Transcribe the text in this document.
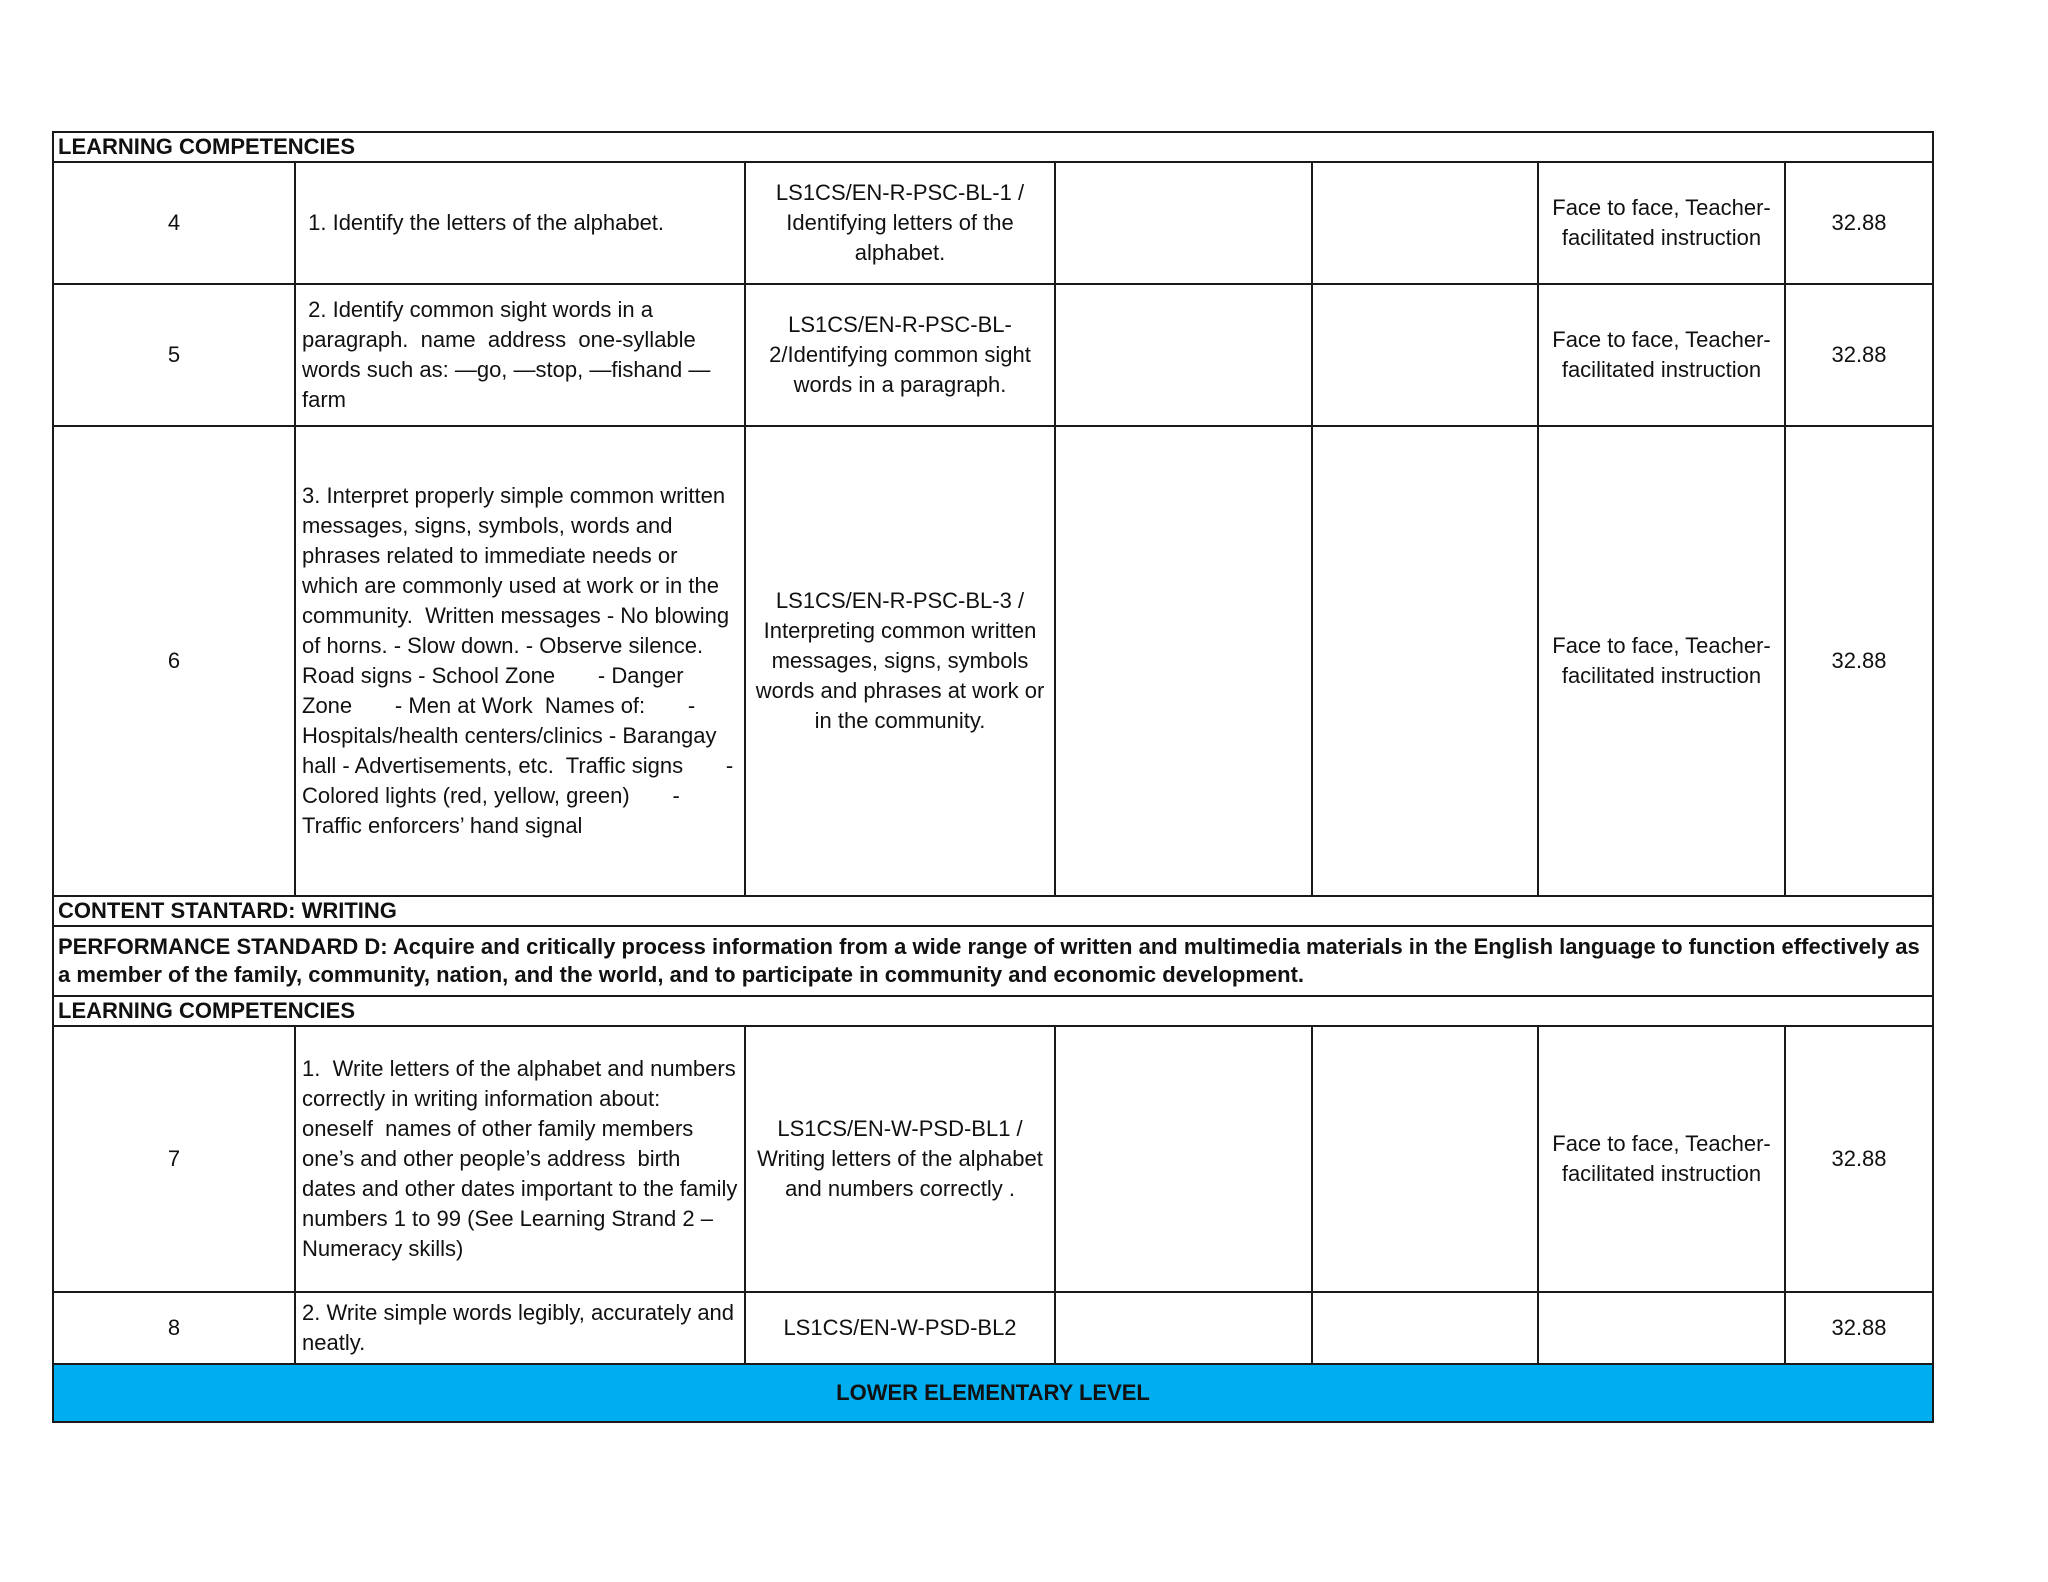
LEARNING COMPETENCIES						
4	1. Identify the letters of the alphabet.	LS1CS/EN-R-PSC-BL-1 / Identifying letters of the alphabet.			Face to face, Teacher-facilitated instruction	32.88
5	2. Identify common sight words in a paragraph.  name  address  one-syllable words such as: —go, —stop, —fishand —farm	LS1CS/EN-R-PSC-BL-2/Identifying common sight words in a paragraph.			Face to face, Teacher-facilitated instruction	32.88
6	3. Interpret properly simple common written messages, signs, symbols, words and phrases related to immediate needs or which are commonly used at work or in the community.  Written messages - No blowing of horns. - Slow down. - Observe silence.  Road signs - School Zone       - Danger Zone       - Men at Work  Names of:       - Hospitals/health centers/clinics - Barangay hall - Advertisements, etc.  Traffic signs       - Colored lights (red, yellow, green)       - Traffic enforcers’ hand signal	LS1CS/EN-R-PSC-BL-3 / Interpreting common written messages, signs, symbols words and phrases at work or in the community.			Face to face, Teacher-facilitated instruction	32.88
CONTENT STANTARD: WRITING						
PERFORMANCE STANDARD D: Acquire and critically process information from a wide range of written and multimedia materials in the English language to function effectively as a member of the family, community, nation, and the world, and to participate in community and economic development.						
LEARNING COMPETENCIES						
7	1.  Write letters of the alphabet and numbers correctly in writing information about:  oneself  names of other family members  one’s and other people’s address  birth dates and other dates important to the family  numbers 1 to 99 (See Learning Strand 2 –Numeracy skills)	LS1CS/EN-W-PSD-BL1 / Writing letters of the alphabet and numbers correctly .			Face to face, Teacher-facilitated instruction	32.88
8	2. Write simple words legibly, accurately and neatly.	LS1CS/EN-W-PSD-BL2				32.88
LOWER ELEMENTARY LEVEL						
